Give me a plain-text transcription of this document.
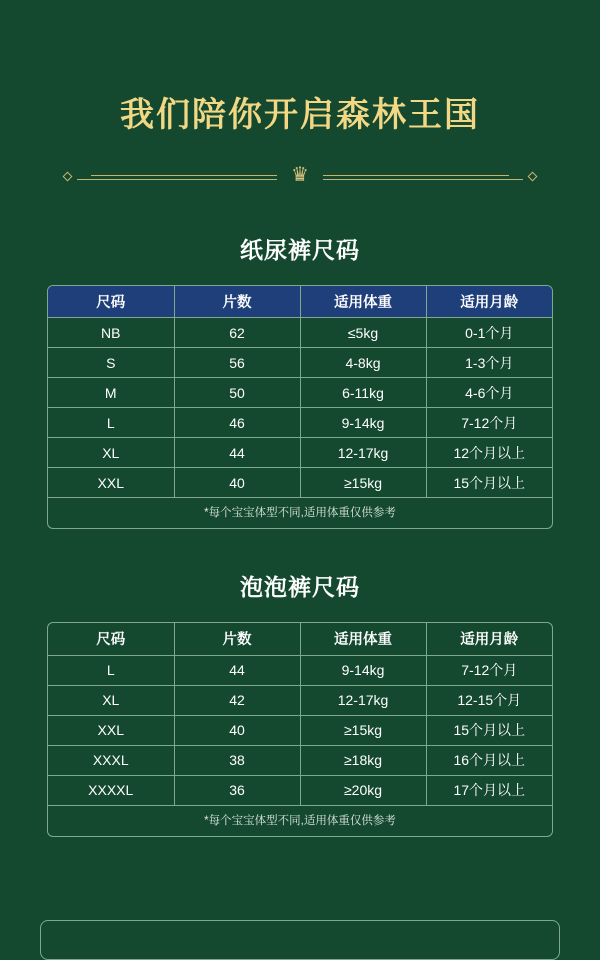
我们陪你开启森林王国
♛
纸尿裤尺码
尺码	片数	适用体重	适用月龄
NB	62	≤5kg	0-1个月
S	56	4-8kg	1-3个月
M	50	6-11kg	4-6个月
L	46	9-14kg	7-12个月
XL	44	12-17kg	12个月以上
XXL	40	≥15kg	15个月以上
*每个宝宝体型不同,适用体重仅供参考
泡泡裤尺码
尺码	片数	适用体重	适用月龄
L	44	9-14kg	7-12个月
XL	42	12-17kg	12-15个月
XXL	40	≥15kg	15个月以上
XXXL	38	≥18kg	16个月以上
XXXXL	36	≥20kg	17个月以上
*每个宝宝体型不同,适用体重仅供参考
